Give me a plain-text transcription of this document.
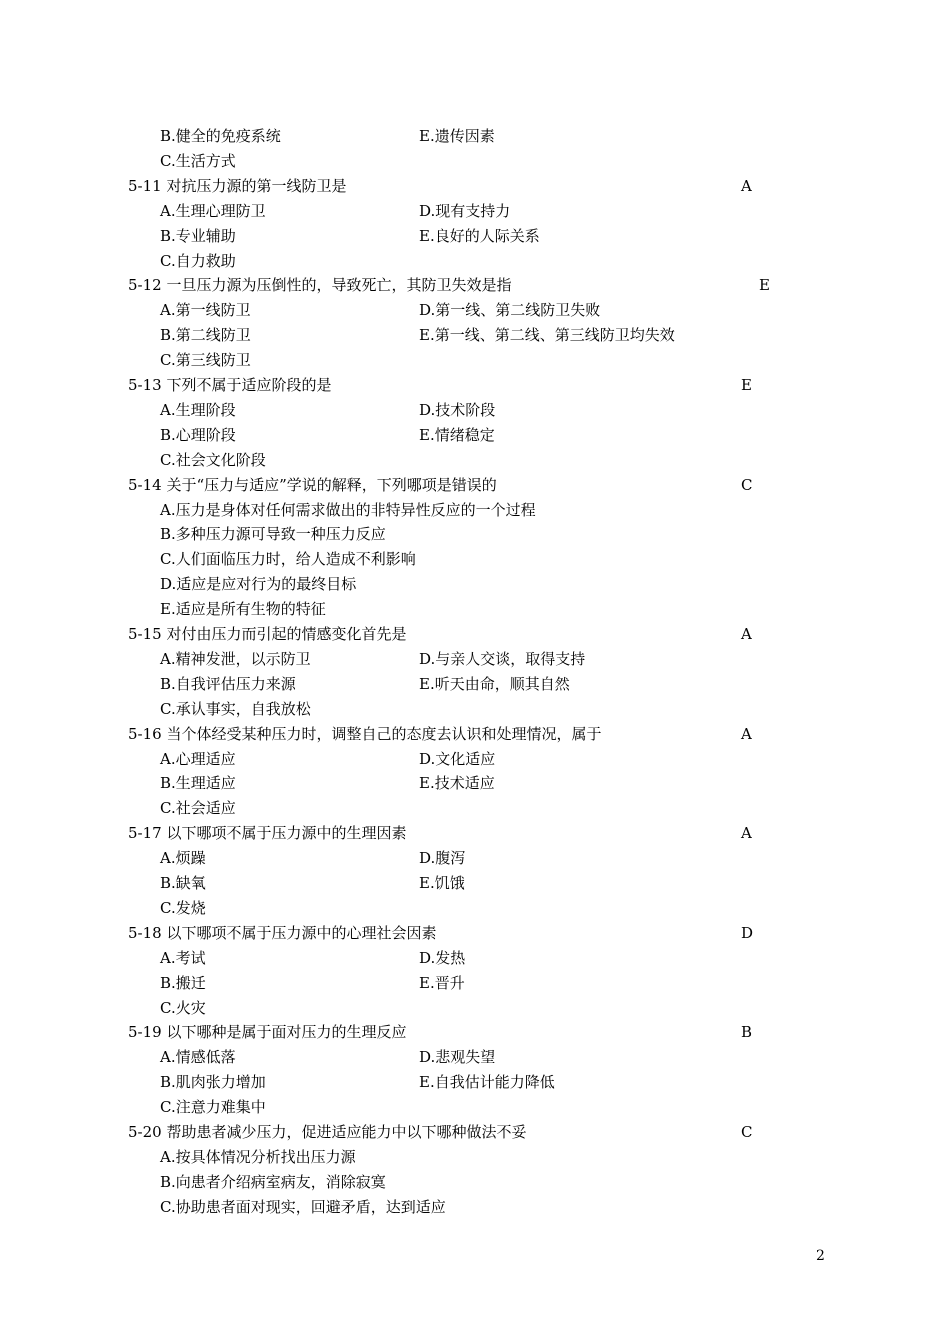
B.健全的免疫系统	E.遗传因素
C.生活方式
5-11 对抗压力源的第一线防卫是	A
A.生理心理防卫	D.现有支持力
B.专业辅助	E.良好的人际关系
C.自力救助
5-12 一旦压力源为压倒性的，导致死亡，其防卫失效是指	E
A.第一线防卫	D.第一线、第二线防卫失败
B.第二线防卫	E.第一线、第二线、第三线防卫均失效
C.第三线防卫
5-13 下列不属于适应阶段的是	E
A.生理阶段	D.技术阶段
B.心理阶段	E.情绪稳定
C.社会文化阶段
5-14 关于“压力与适应”学说的解释，下列哪项是错误的	C
A.压力是身体对任何需求做出的非特异性反应的一个过程
B.多种压力源可导致一种压力反应
C.人们面临压力时，给人造成不利影响
D.适应是应对行为的最终目标
E.适应是所有生物的特征
5-15 对付由压力而引起的情感变化首先是	A
A.精神发泄，以示防卫	D.与亲人交谈，取得支持
B.自我评估压力来源	E.听天由命，顺其自然
C.承认事实，自我放松
5-16 当个体经受某种压力时，调整自己的态度去认识和处理情况，属于	A
A.心理适应	D.文化适应
B.生理适应	E.技术适应
C.社会适应
5-17 以下哪项不属于压力源中的生理因素	A
A.烦躁	D.腹泻
B.缺氧	E.饥饿
C.发烧
5-18 以下哪项不属于压力源中的心理社会因素	D
A.考试	D.发热
B.搬迁	E.晋升
C.火灾
5-19 以下哪种是属于面对压力的生理反应	B
A.情感低落	D.悲观失望
B.肌肉张力增加	E.自我估计能力降低
C.注意力难集中
5-20 帮助患者减少压力，促进适应能力中以下哪种做法不妥	C
A.按具体情况分析找出压力源
B.向患者介绍病室病友，消除寂寞
C.协助患者面对现实，回避矛盾，达到适应
2
